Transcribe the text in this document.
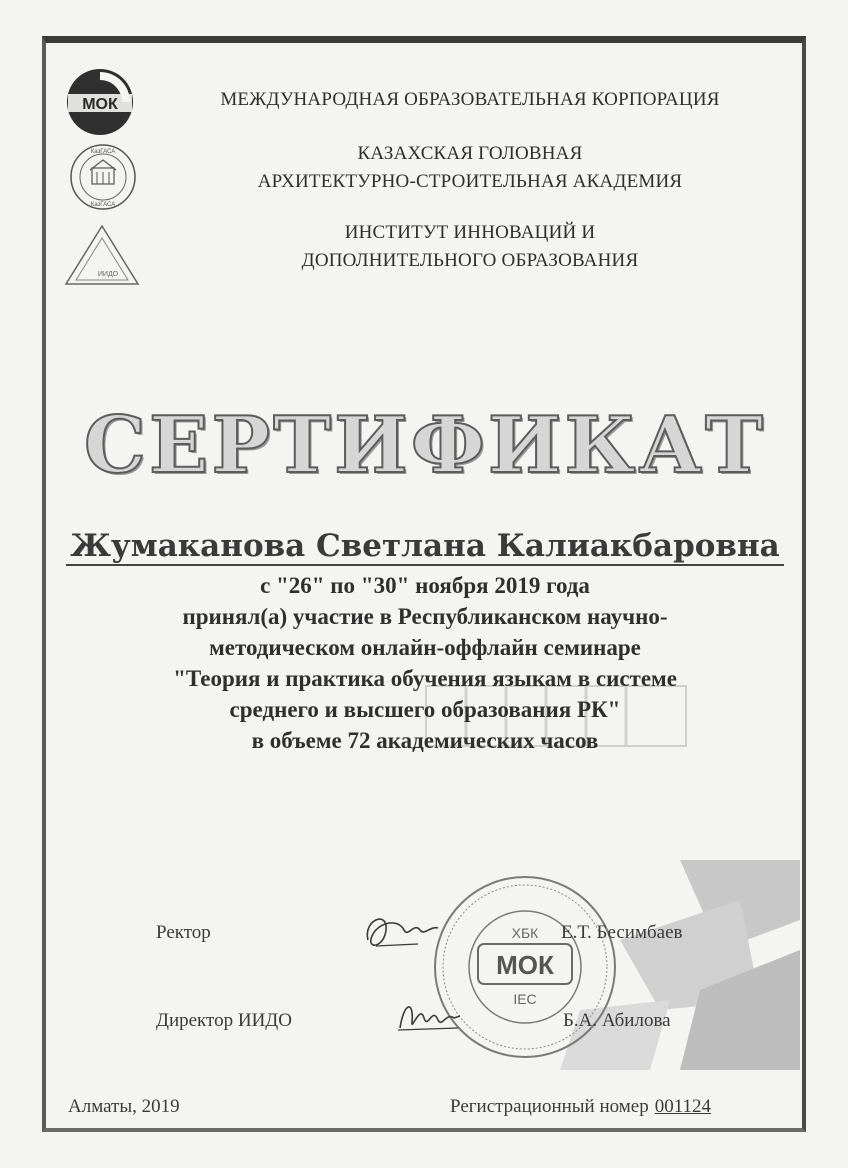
МОК
КазГАСА
КазГАСА
ИИДО
МЕЖДУНАРОДНАЯ ОБРАЗОВАТЕЛЬНАЯ КОРПОРАЦИЯ
КАЗАХСКАЯ ГОЛОВНАЯ
АРХИТЕКТУРНО-СТРОИТЕЛЬНАЯ АКАДЕМИЯ
ИНСТИТУТ ИННОВАЦИЙ И
ДОПОЛНИТЕЛЬНОГО ОБРАЗОВАНИЯ
СЕРТИФИКАТ
Жумаканова Светлана Калиакбаровна
с "26" по "30" ноября 2019 года
принял(а) участие в Республиканском научно-
методическом онлайн-оффлайн семинаре
"Теория и практика обучения языкам в системе
среднего и высшего образования РК"
в объеме 72 академических часов
ХБК
МОК
IEC
Ректор	Е.Т. Бесимбаев
Директор ИИДО	Б.А. Абилова
Алматы, 2019	Регистрационный номер 001124
